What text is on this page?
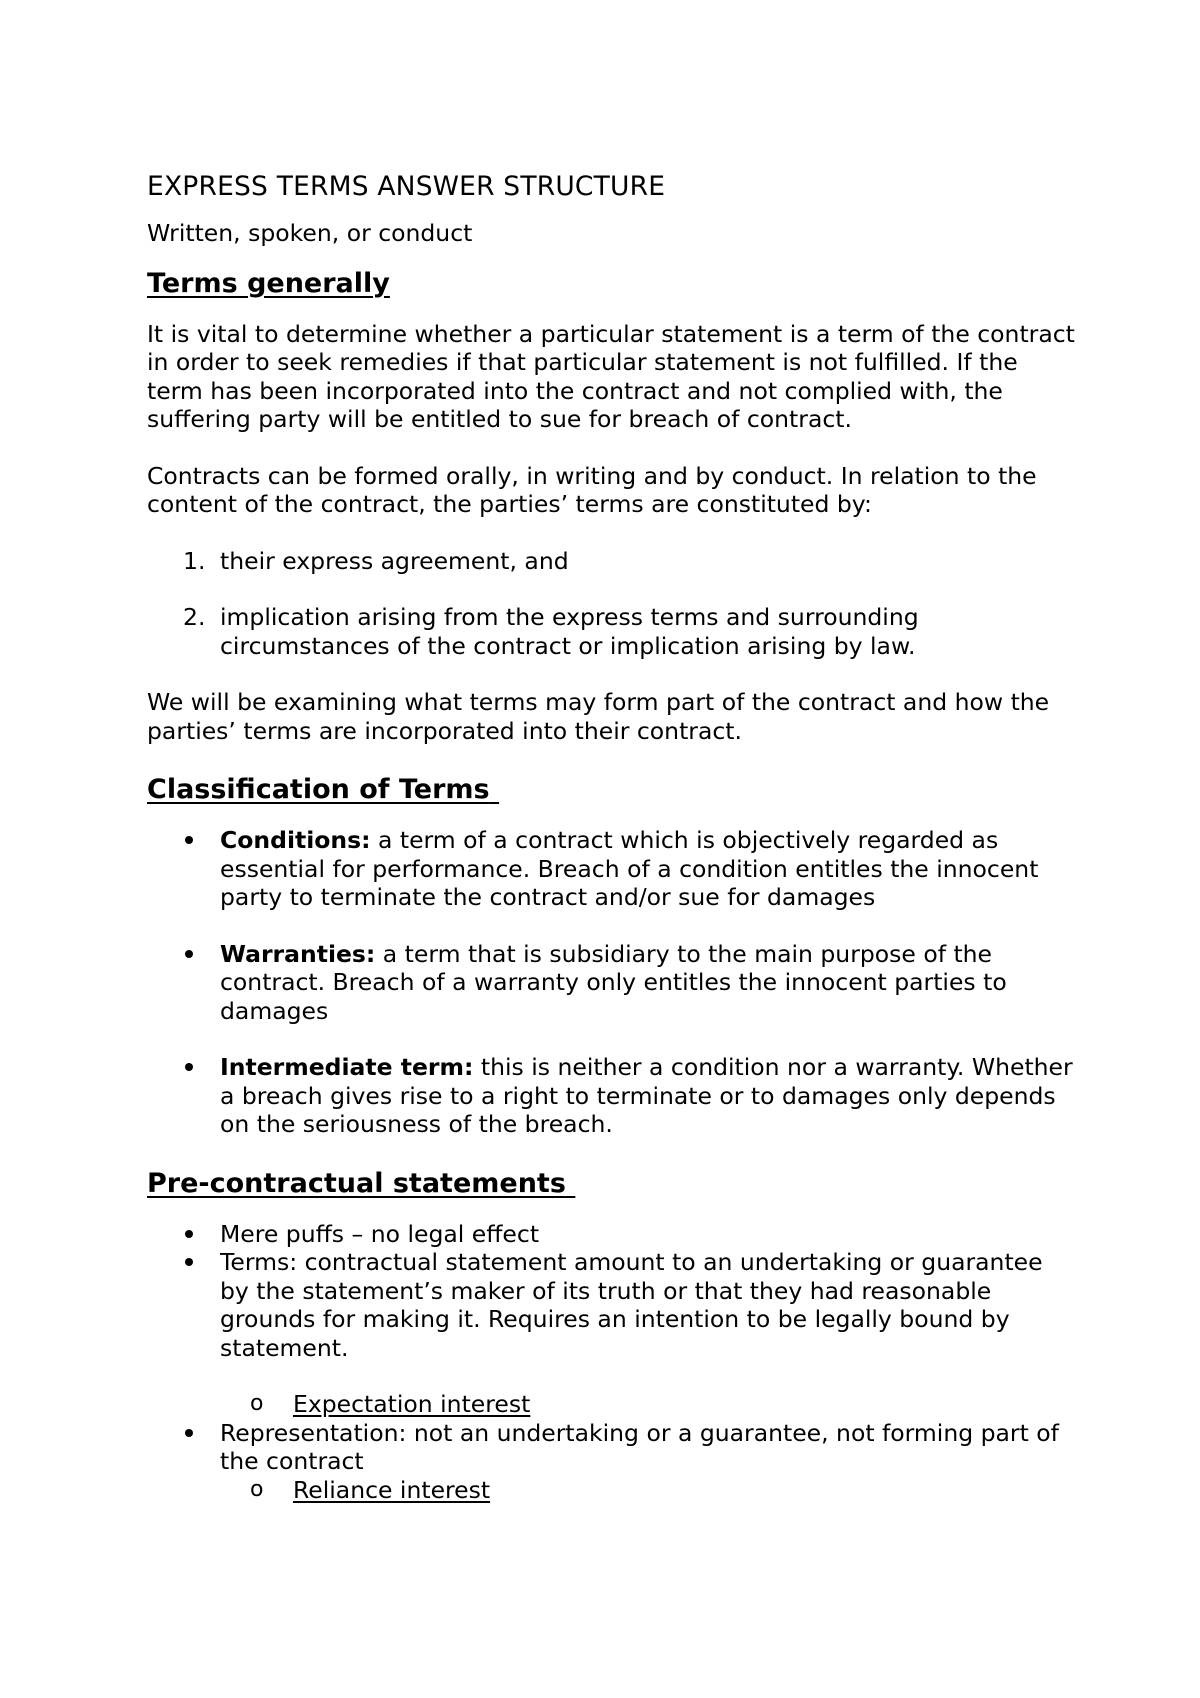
EXPRESS TERMS ANSWER STRUCTURE

Written, spoken, or conduct

Terms generally

It is vital to determine whether a particular statement is a term of the contract in order to seek remedies if that particular statement is not fulfilled. If the term has been incorporated into the contract and not complied with, the suffering party will be entitled to sue for breach of contract.

Contracts can be formed orally, in writing and by conduct. In relation to the content of the contract, the parties’ terms are constituted by:

1. their express agreement, and
2. implication arising from the express terms and surrounding circumstances of the contract or implication arising by law.

We will be examining what terms may form part of the contract and how the parties’ terms are incorporated into their contract.

Classification of Terms

Conditions: a term of a contract which is objectively regarded as essential for performance. Breach of a condition entitles the innocent party to terminate the contract and/or sue for damages
Warranties: a term that is subsidiary to the main purpose of the contract. Breach of a warranty only entitles the innocent parties to damages
Intermediate term: this is neither a condition nor a warranty. Whether a breach gives rise to a right to terminate or to damages only depends on the seriousness of the breach.

Pre-contractual statements

Mere puffs – no legal effect
Terms: contractual statement amount to an undertaking or guarantee by the statement’s maker of its truth or that they had reasonable grounds for making it. Requires an intention to be legally bound by statement.
o Expectation interest
Representation: not an undertaking or a guarantee, not forming part of the contract
o Reliance interest
